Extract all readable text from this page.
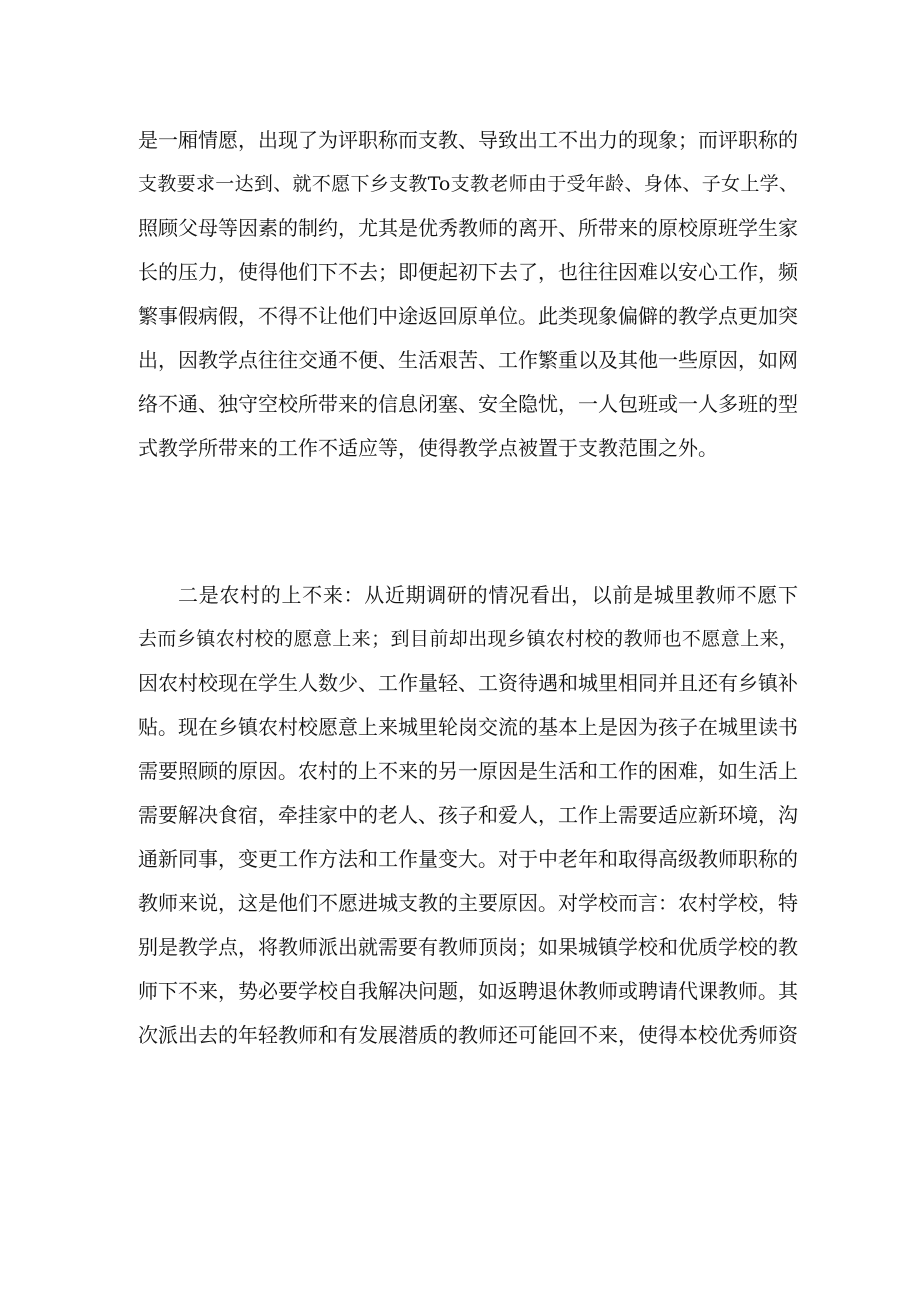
是一厢情愿，出现了为评职称而支教、导致出工不出力的现象；而评职称的
支教要求一达到、就不愿下乡支教To支教老师由于受年龄、身体、子女上学、
照顾父母等因素的制约，尤其是优秀教师的离开、所带来的原校原班学生家
长的压力，使得他们下不去；即便起初下去了，也往往因难以安心工作，频
繁事假病假，不得不让他们中途返回原单位。此类现象偏僻的教学点更加突
出，因教学点往往交通不便、生活艰苦、工作繁重以及其他一些原因，如网
络不通、独守空校所带来的信息闭塞、安全隐忧，一人包班或一人多班的型
式教学所带来的工作不适应等，使得教学点被置于支教范围之外。
二是农村的上不来：从近期调研的情况看出，以前是城里教师不愿下
去而乡镇农村校的愿意上来；到目前却出现乡镇农村校的教师也不愿意上来，
因农村校现在学生人数少、工作量轻、工资待遇和城里相同并且还有乡镇补
贴。现在乡镇农村校愿意上来城里轮岗交流的基本上是因为孩子在城里读书
需要照顾的原因。农村的上不来的另一原因是生活和工作的困难，如生活上
需要解决食宿，牵挂家中的老人、孩子和爱人，工作上需要适应新环境，沟
通新同事，变更工作方法和工作量变大。对于中老年和取得高级教师职称的
教师来说，这是他们不愿进城支教的主要原因。对学校而言：农村学校，特
别是教学点，将教师派出就需要有教师顶岗；如果城镇学校和优质学校的教
师下不来，势必要学校自我解决问题，如返聘退休教师或聘请代课教师。其
次派出去的年轻教师和有发展潜质的教师还可能回不来，使得本校优秀师资
